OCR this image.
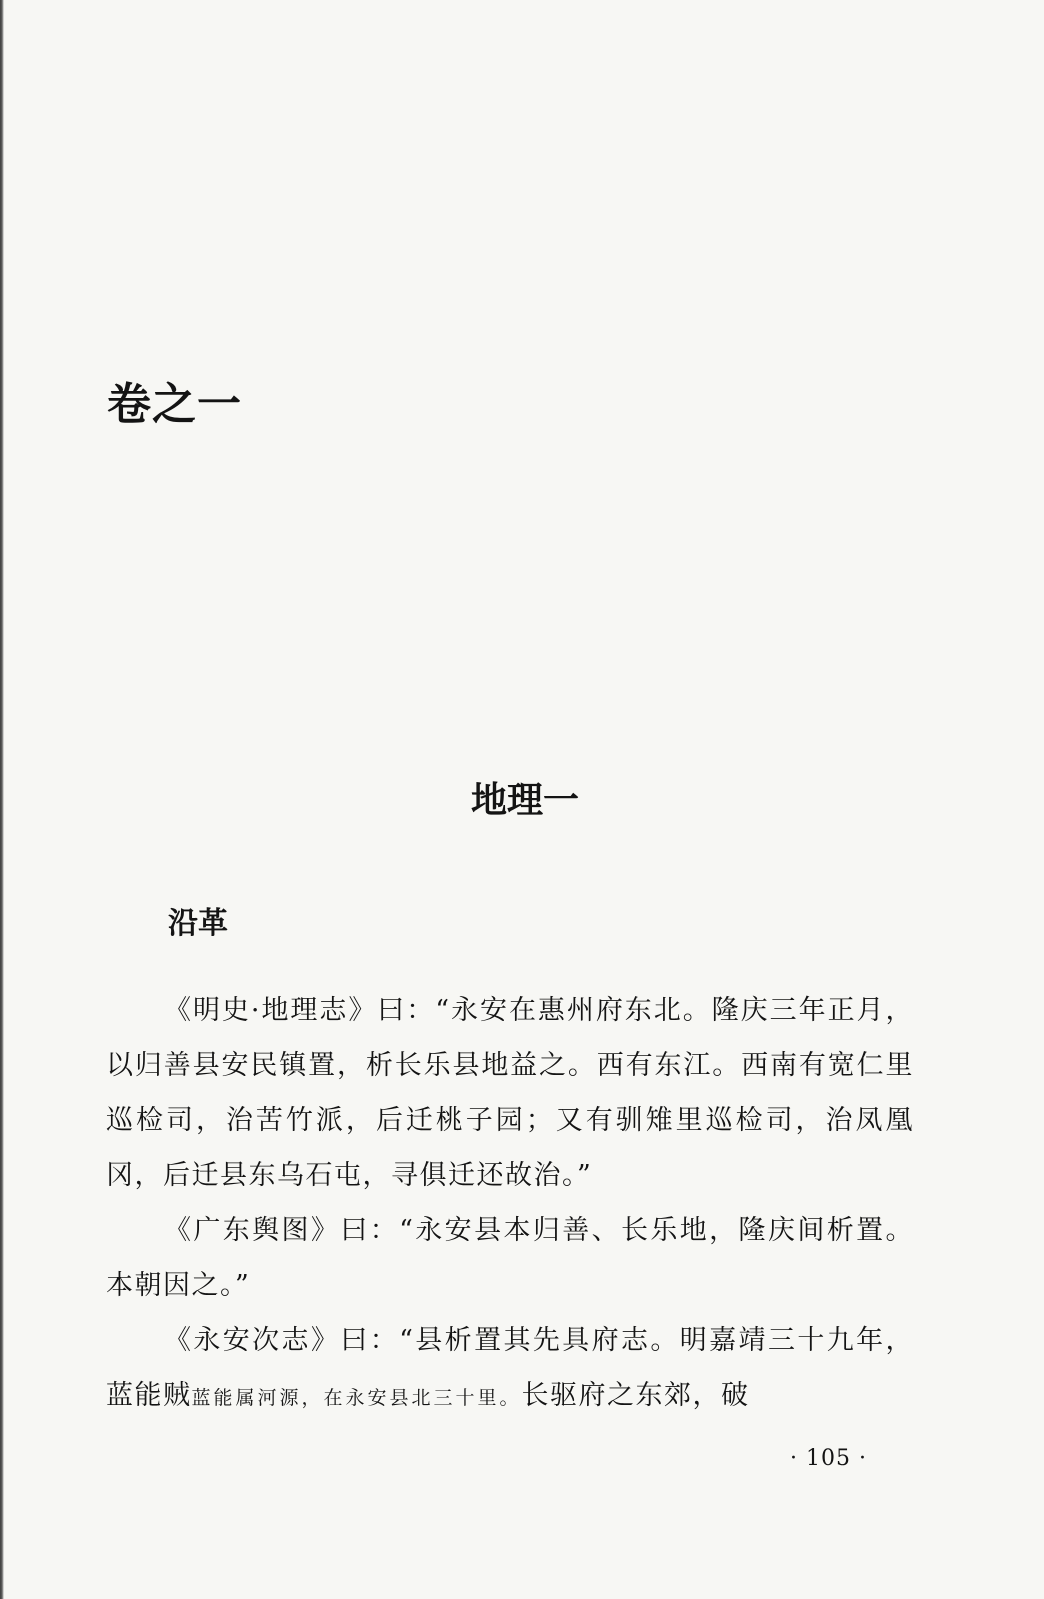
卷之一
地理一
沿革

《明史·地理志》曰：“永安在惠州府东北。隆庆三年正月，以归善县安民镇置，析长乐县地益之。西有东江。西南有宽仁里巡检司，治苦竹派，后迁桃子园；又有驯雉里巡检司，治凤凰冈，后迁县东乌石屯，寻俱迁还故治。”

《广东舆图》曰：“永安县本归善、长乐地，隆庆间析置。本朝因之。”

《永安次志》曰：“县析置其先具府志。明嘉靖三十九年，蓝能贼蓝能属河源，在永安县北三十里。长驱府之东郊，破

· 105 ·
